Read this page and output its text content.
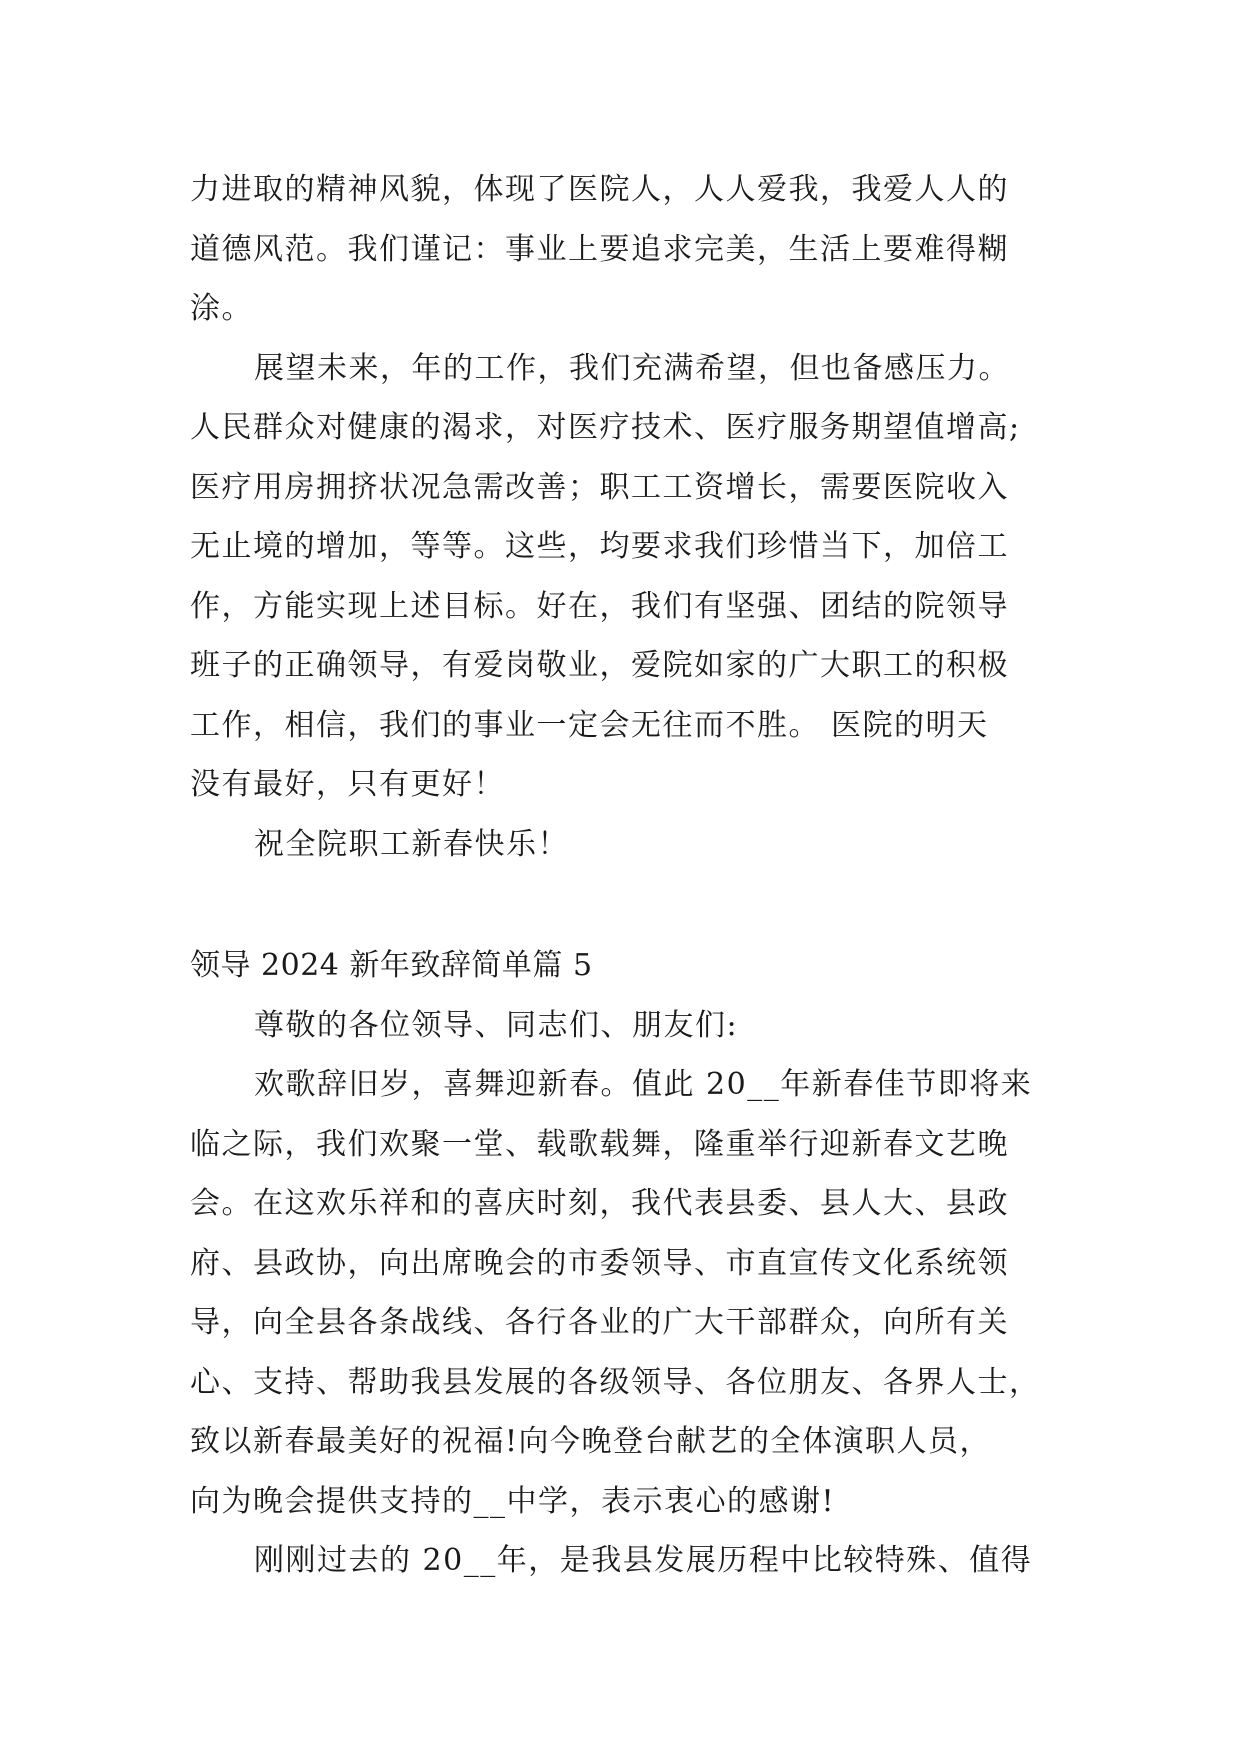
力进取的精神风貌，体现了医院人，人人爱我，我爱人人的
道德风范。我们谨记：事业上要追求完美，生活上要难得糊
涂。
展望未来，年的工作，我们充满希望，但也备感压力。
人民群众对健康的渴求，对医疗技术、医疗服务期望值增高;
医疗用房拥挤状况急需改善；职工工资增长，需要医院收入
无止境的增加，等等。这些，均要求我们珍惜当下，加倍工
作，方能实现上述目标。好在，我们有坚强、团结的院领导
班子的正确领导，有爱岗敬业，爱院如家的广大职工的积极
工作，相信，我们的事业一定会无往而不胜。 医院的明天
没有最好，只有更好！
祝全院职工新春快乐！
领导 2024 新年致辞简单篇 5
尊敬的各位领导、同志们、朋友们:
欢歌辞旧岁，喜舞迎新春。值此 20__年新春佳节即将来
临之际，我们欢聚一堂、载歌载舞，隆重举行迎新春文艺晚
会。在这欢乐祥和的喜庆时刻，我代表县委、县人大、县政
府、县政协，向出席晚会的市委领导、市直宣传文化系统领
导，向全县各条战线、各行各业的广大干部群众，向所有关
心、支持、帮助我县发展的各级领导、各位朋友、各界人士，
致以新春最美好的祝福!向今晚登台献艺的全体演职人员，
向为晚会提供支持的__中学，表示衷心的感谢!
刚刚过去的 20__年，是我县发展历程中比较特殊、值得
